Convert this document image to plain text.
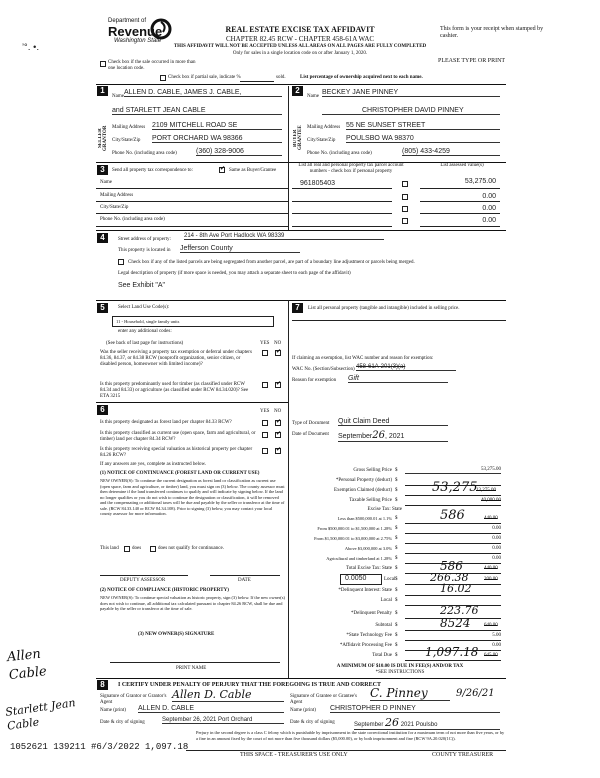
’°․ •․
Department of
Revenue
Washington State
REAL ESTATE EXCISE TAX AFFIDAVIT
CHAPTER 82.45 RCW - CHAPTER 458-61A WAC
THIS AFFIDAVIT WILL NOT BE ACCEPTED UNLESS ALL AREAS ON ALL PAGES ARE FULLY COMPLETED
Only for sales in a single location code on or after January 1, 2020.
This form is your receipt when stamped by cashier.
PLEASE TYPE OR PRINT
Check box if the sale occurred in more than one location code.
Check box if partial sale, indicate %	sold.	List percentage of ownership acquired next to each name.
1
SELLER GRANTOR
Name
ALLEN D. CABLE, JAMES J. CABLE,
and STARLETT JEAN CABLE
Mailing Address 2109 MITCHELL ROAD SE
City/State/Zip PORT ORCHARD WA 98366
Phone No. (including area code)	(360) 328-9006
2
BUYER GRANTEE
Name
BECKEY JANE PINNEY
CHRISTOPHER DAVID PINNEY
Mailing Address 55 NE SUNSET STREET
City/State/Zip POULSBO WA 98370
Phone No. (including area code)	(805) 433-4259
3	Send all property tax correspondence to:	✔ Same as Buyer/Grantee
Name
Mailing Address
City/State/Zip
Phone No. (including area code)
List all real and personal property tax parcel account numbers - check box if personal property
List assessed value(s)
961805403	53,275.00
0.00
0.00
0.00
4	Street address of property:
214 - 8th Ave Port Hadlock WA 98339
This property is located in Jefferson County
Check box if any of the listed parcels are being segregated from another parcel, are part of a boundary line adjustment or parcels being merged.
Legal description of property (if more space is needed, you may attach a separate sheet to each page of the affidavit)
See Exhibit "A"
5	Select Land Use Code(s):
11 - Household, single family units
enter any additional codes:
(See back of last page for instructions)	YES NO
Was the seller receiving a property tax exemption or deferral under chapters 84.36, 84.37, or 84.38 RCW (nonprofit organization, senior citizen, or disabled person, homeowner with limited income)?
✔
Is this property predominantly used for timber (as classified under RCW 84.34 and 84.33) or agriculture (as classified under RCW 84.34.020)? See ETA 3215
✔
6	YES NO
Is this property designated as forest land per chapter 84.33 RCW?	✔
Is this property classified as current use (open space, farm and agricultural, or timber) land per chapter 84.34 RCW?
✔
Is this property receiving special valuation as historical property per chapter 84.26 RCW?
✔
If any answers are yes, complete as instructed below.
(1) NOTICE OF CONTINUANCE (FOREST LAND OR CURRENT USE)
NEW OWNER(S): To continue the current designation as forest land or classification as current use (open space, farm and agriculture, or timber) land, you must sign on (3) below. The county assessor must then determine if the land transferred continues to qualify and will indicate by signing below. If the land no longer qualifies or you do not wish to continue the designation or classification, it will be removed and the compensating or additional taxes will be due and payable by the seller or transferor at the time of sale. (RCW 84.33.140 or RCW 84.34.108). Prior to signing (3) below, you may contact your local county assessor for more information.
This land	does	does not qualify for continuance.
DEPUTY ASSESSOR	DATE
(2) NOTICE OF COMPLIANCE (HISTORIC PROPERTY)
NEW OWNER(S): To continue special valuation as historic property, sign (3) below. If the new owner(s) does not wish to continue, all additional tax calculated pursuant to chapter 84.26 RCW, shall be due and payable by the seller or transferor at the time of sale.
(3) NEW OWNER(S) SIGNATURE
PRINT NAME
7	List all personal property (tangible and intangible) included in selling price.
If claiming an exemption, list WAC number and reason for exemption:
WAC No. (Section/Subsection) 458-61A-201(3)(a)
Reason for exemption Gift
Type of Document Quit Claim Deed
Date of Document September26, 2021
Gross Selling Price $	53,275.00
*Personal Property (deduct) $
Exemption Claimed (deduct) $	53,275
13,275.00
Taxable Selling Price $	40,000.00
Excise Tax: State
Less than $500,000.01 at 1.1% $	586	440.00
From $500,000.01 to $1,500,000 at 1.28% $	0.00
From $1,500,000.01 to $3,000,000 at 2.75% $	0.00
Above $3,000,000 at 3.0% $	0.00
Agricultural and timberland at 1.28% $	0.00
Total Excise Tax: State $	586	440.00
0.0050	Local $	266.38	200.00
*Delinquent Interest: State $	16.02
Local $
*Delinquent Penalty $	223.76
Subtotal $	8524	640.00
*State Technology Fee $	5.00
*Affidavit Processing Fee $	0.00
Total Due $ 1,097.18 645.00
A MINIMUM OF $10.00 IS DUE IN FEE(S) AND/OR TAX
*SEE INSTRUCTIONS
8	I CERTIFY UNDER PENALTY OF PERJURY THAT THE FOREGOING IS TRUE AND CORRECT
Signature of Grantor or Grantor's Agent
Allen D. Cable
Name (print) ALLEN D. CABLE
Date & city of signing	September 26, 2021 Port Orchard
Signature of Grantee or Grantee's Agent
C. Pinney	9/26/21
Name (print) CHRISTOPHER D PINNEY
Date & city of signing	September 26 2021 Poulsbo
Perjury in the second degree is a class C felony which is punishable by imprisonment in the state correctional institution for a maximum term of not more than five years, or by a fine in an amount fixed by the court of not more than five thousand dollars ($5,000.00), or by both imprisonment and fine (RCW 9A.20.020(1C)).
Allen Cable
Starlett Jean Cable
1052621 139211 #6/3/2022 1,097.18
THIS SPACE - TREASURER'S USE ONLY	COUNTY TREASURER
